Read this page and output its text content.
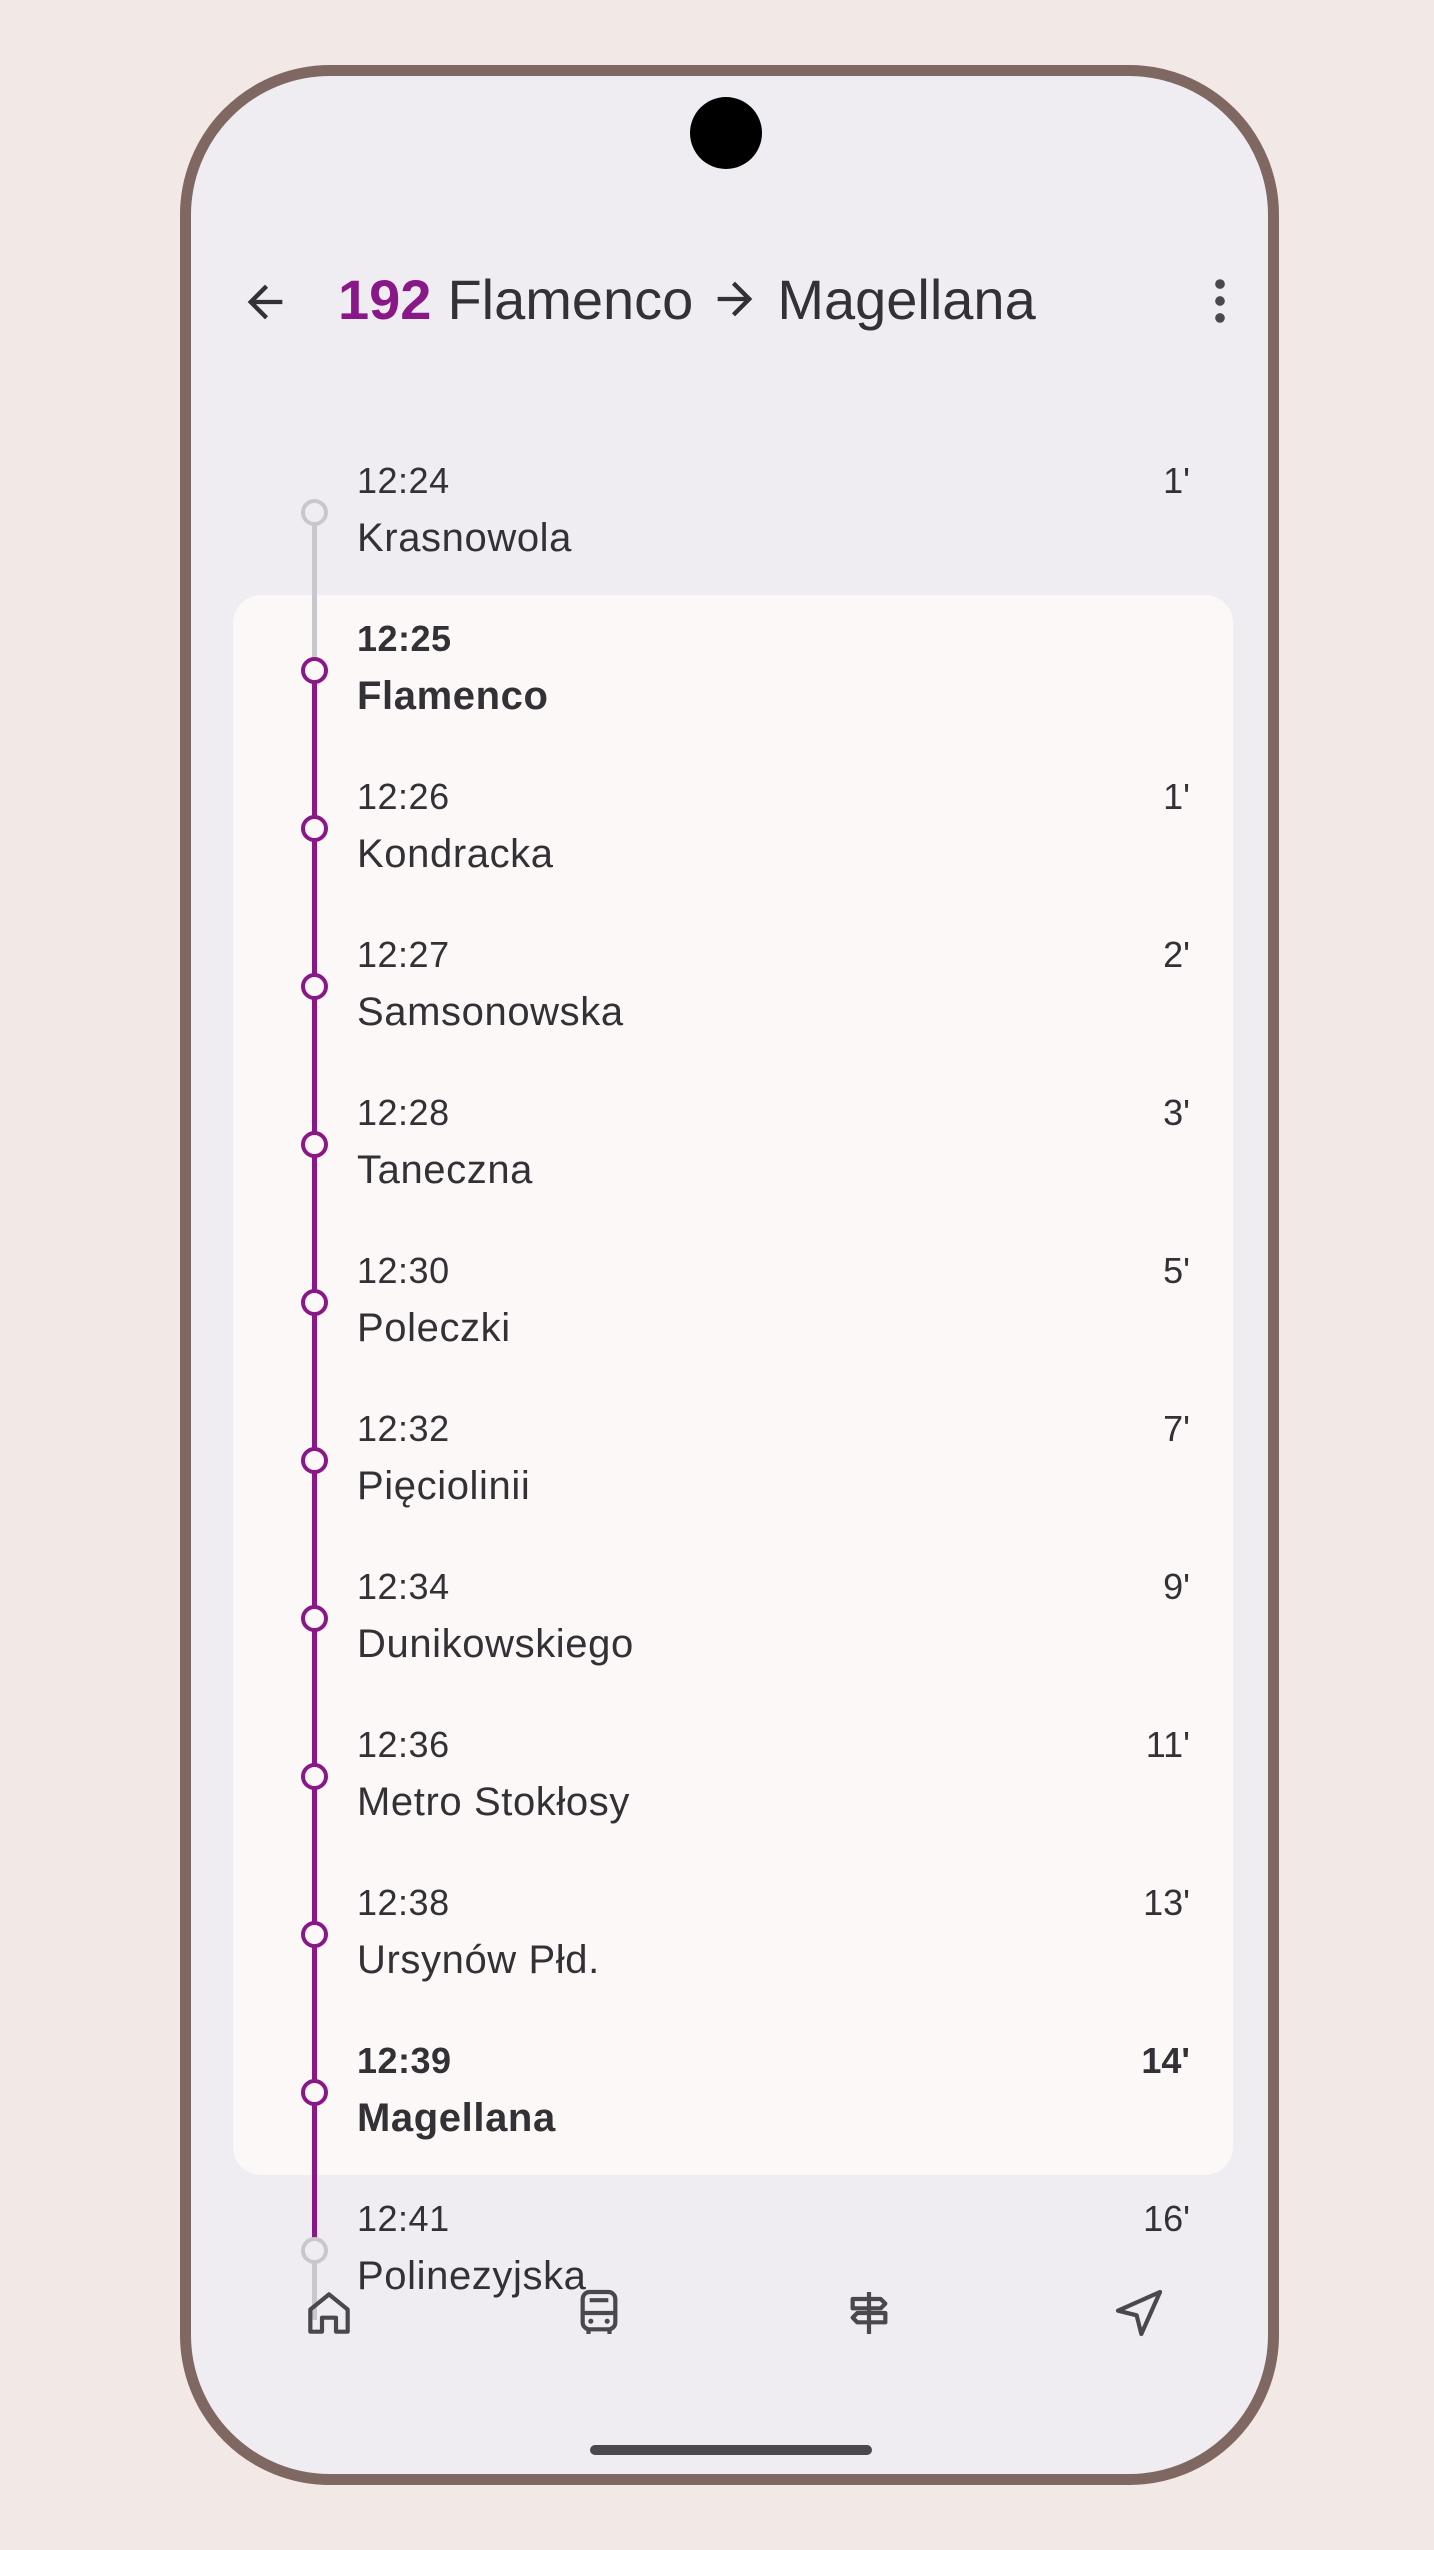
192 Flamenco Magellana
12:24
Krasnowola
1'
12:25
Flamenco
12:26
Kondracka
1'
12:27
Samsonowska
2'
12:28
Taneczna
3'
12:30
Poleczki
5'
12:32
Pięciolinii
7'
12:34
Dunikowskiego
9'
12:36
Metro Stokłosy
11'
12:38
Ursynów Płd.
13'
12:39
Magellana
14'
12:41
Polinezyjska
16'
